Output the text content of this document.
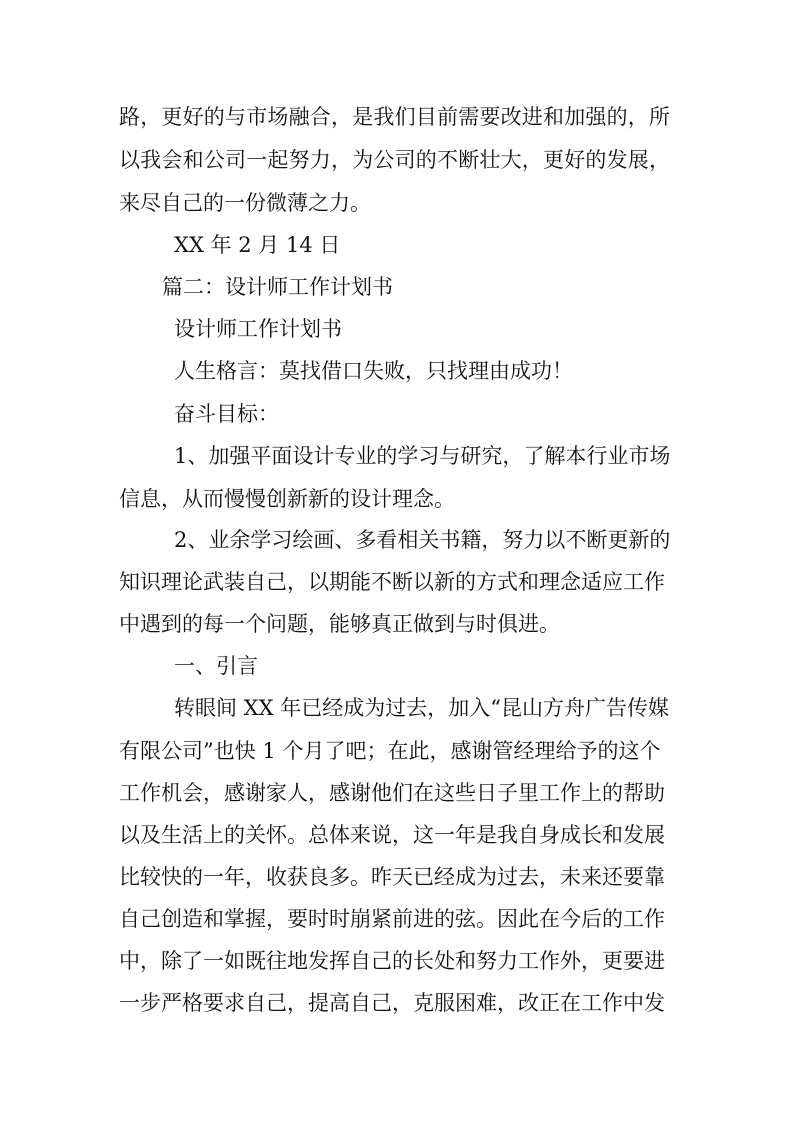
路，更好的与市场融合，是我们目前需要改进和加强的，所
以我会和公司一起努力，为公司的不断壮大，更好的发展，
来尽自己的一份微薄之力。
XX 年 2 月 14 日
篇二：设计师工作计划书
设计师工作计划书
人生格言：莫找借口失败，只找理由成功！
奋斗目标：
1、加强平面设计专业的学习与研究，了解本行业市场
信息，从而慢慢创新新的设计理念。
2、业余学习绘画、多看相关书籍，努力以不断更新的
知识理论武装自己，以期能不断以新的方式和理念适应工作
中遇到的每一个问题，能够真正做到与时俱进。
一、引言
转眼间 XX 年已经成为过去，加入“昆山方舟广告传媒
有限公司”也快 1 个月了吧；在此，感谢管经理给予的这个
工作机会，感谢家人，感谢他们在这些日子里工作上的帮助
以及生活上的关怀。总体来说，这一年是我自身成长和发展
比较快的一年，收获良多。昨天已经成为过去，未来还要靠
自己创造和掌握，要时时崩紧前进的弦。因此在今后的工作
中，除了一如既往地发挥自己的长处和努力工作外，更要进
一步严格要求自己，提高自己，克服困难，改正在工作中发
